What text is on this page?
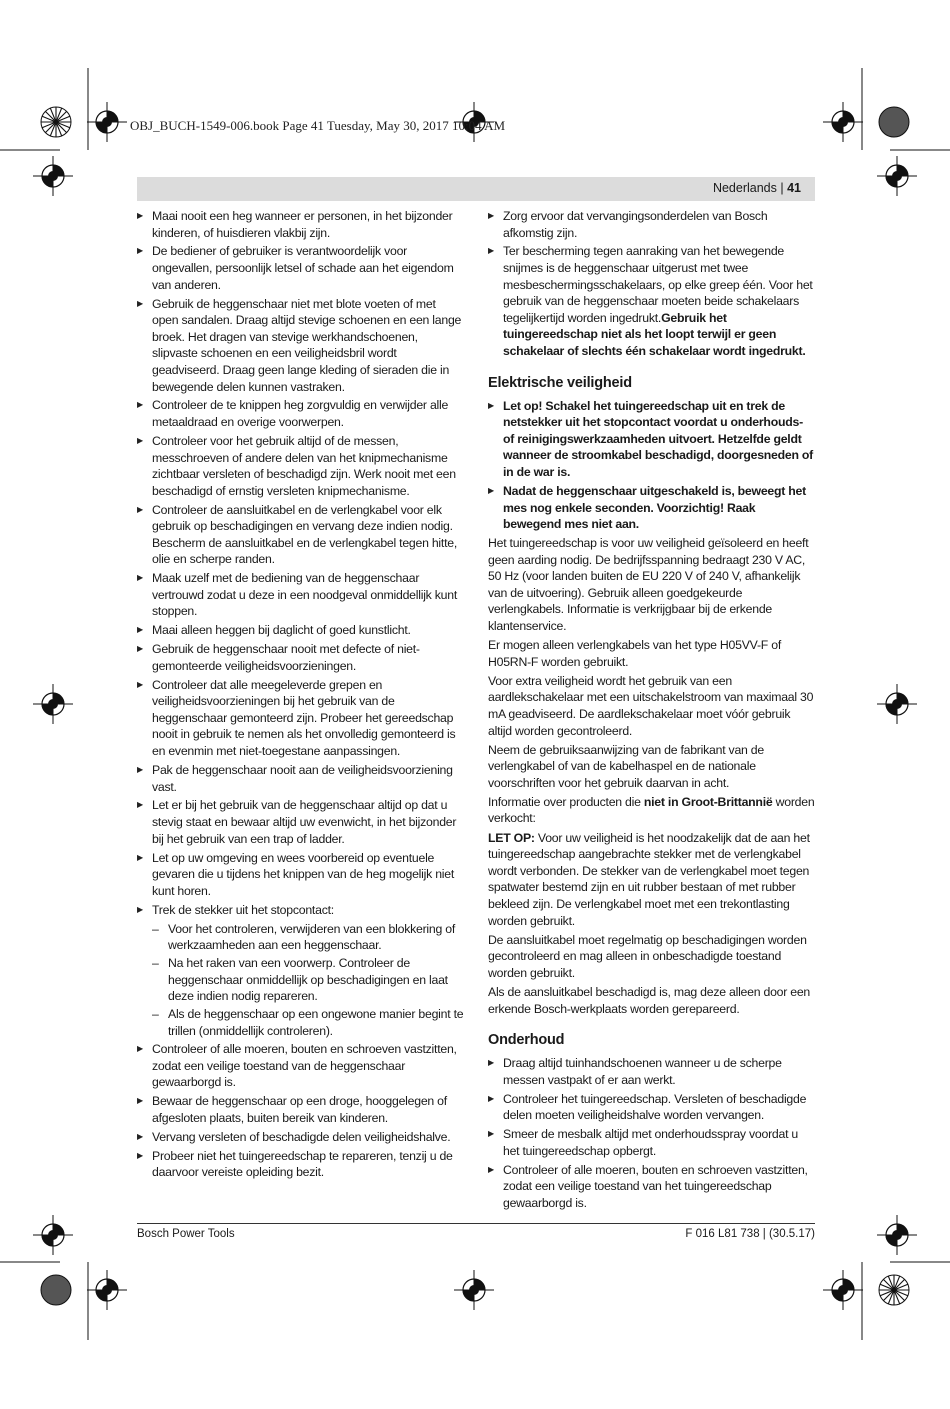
OBJ_BUCH-1549-006.book Page 41 Tuesday, May 30, 2017 10:04 AM
Nederlands | 41
▶ Maai nooit een heg wanneer er personen, in het bijzonder kinderen, of huisdieren vlakbij zijn.
▶ De bediener of gebruiker is verantwoordelijk voor ongevallen, persoonlijk letsel of schade aan het eigendom van anderen.
▶ Gebruik de heggenschaar niet met blote voeten of met open sandalen. Draag altijd stevige schoenen en een lange broek. Het dragen van stevige werkhandschoenen, slipvaste schoenen en een veiligheidsbril wordt geadviseerd. Draag geen lange kleding of sieraden die in bewegende delen kunnen vastraken.
▶ Controleer de te knippen heg zorgvuldig en verwijder alle metaaldraad en overige voorwerpen.
▶ Controleer voor het gebruik altijd of de messen, messchroeven of andere delen van het knipmechanisme zichtbaar versleten of beschadigd zijn. Werk nooit met een beschadigd of ernstig versleten knipmechanisme.
▶ Controleer de aansluitkabel en de verlengkabel voor elk gebruik op beschadigingen en vervang deze indien nodig. Bescherm de aansluitkabel en de verlengkabel tegen hitte, olie en scherpe randen.
▶ Maak uzelf met de bediening van de heggenschaar vertrouwd zodat u deze in een noodgeval onmiddellijk kunt stoppen.
▶ Maai alleen heggen bij daglicht of goed kunstlicht.
▶ Gebruik de heggenschaar nooit met defecte of niet-gemonteerde veiligheidsvoorzieningen.
▶ Controleer dat alle meegeleverde grepen en veiligheidsvoorzieningen bij het gebruik van de heggenschaar gemonteerd zijn. Probeer het gereedschap nooit in gebruik te nemen als het onvolledig gemonteerd is en evenmin met niet-toegestane aanpassingen.
▶ Pak de heggenschaar nooit aan de veiligheidsvoorziening vast.
▶ Let er bij het gebruik van de heggenschaar altijd op dat u stevig staat en bewaar altijd uw evenwicht, in het bijzonder bij het gebruik van een trap of ladder.
▶ Let op uw omgeving en wees voorbereid op eventuele gevaren die u tijdens het knippen van de heg mogelijk niet kunt horen.
▶ Trek de stekker uit het stopcontact:
– Voor het controleren, verwijderen van een blokkering of werkzaamheden aan een heggenschaar.
– Na het raken van een voorwerp. Controleer de heggenschaar onmiddellijk op beschadigingen en laat deze indien nodig repareren.
– Als de heggenschaar op een ongewone manier begint te trillen (onmiddellijk controleren).
▶ Controleer of alle moeren, bouten en schroeven vastzitten, zodat een veilige toestand van de heggenschaar gewaarborgd is.
▶ Bewaar de heggenschaar op een droge, hooggelegen of afgesloten plaats, buiten bereik van kinderen.
▶ Vervang versleten of beschadigde delen veiligheidshalve.
▶ Probeer niet het tuingereedschap te repareren, tenzij u de daarvoor vereiste opleiding bezit.
▶ Zorg ervoor dat vervangingsonderdelen van Bosch afkomstig zijn.
▶ Ter bescherming tegen aanraking van het bewegende snijmes is de heggenschaar uitgerust met twee mesbeschermingsschakelaars, op elke greep één. Voor het gebruik van de heggenschaar moeten beide schakelaars tegelijkertijd worden ingedrukt.Gebruik het tuingereedschap niet als het loopt terwijl er geen schakelaar of slechts één schakelaar wordt ingedrukt.
Elektrische veiligheid
▶ Let op! Schakel het tuingereedschap uit en trek de netstekker uit het stopcontact voordat u onderhouds- of reinigingswerkzaamheden uitvoert. Hetzelfde geldt wanneer de stroomkabel beschadigd, doorgesneden of in de war is.
▶ Nadat de heggenschaar uitgeschakeld is, beweegt het mes nog enkele seconden. Voorzichtig! Raak bewegend mes niet aan.
Het tuingereedschap is voor uw veiligheid geïsoleerd en heeft geen aarding nodig. De bedrijfsspanning bedraagt 230 V AC, 50 Hz (voor landen buiten de EU 220 V of 240 V, afhankelijk van de uitvoering). Gebruik alleen goedgekeurde verlengkabels. Informatie is verkrijgbaar bij de erkende klantenservice.
Er mogen alleen verlengkabels van het type H05VV-F of H05RN-F worden gebruikt.
Voor extra veiligheid wordt het gebruik van een aardlekschakelaar met een uitschakelstroom van maximaal 30 mA geadviseerd. De aardlekschakelaar moet vóór gebruik altijd worden gecontroleerd.
Neem de gebruiksaanwijzing van de fabrikant van de verlengkabel of van de kabelhaspel en de nationale voorschriften voor het gebruik daarvan in acht.
Informatie over producten die niet in Groot-Brittannië worden verkocht:
LET OP: Voor uw veiligheid is het noodzakelijk dat de aan het tuingereedschap aangebrachte stekker met de verlengkabel wordt verbonden. De stekker van de verlengkabel moet tegen spatwater bestemd zijn en uit rubber bestaan of met rubber bekleed zijn. De verlengkabel moet met een trekontlasting worden gebruikt.
De aansluitkabel moet regelmatig op beschadigingen worden gecontroleerd en mag alleen in onbeschadigde toestand worden gebruikt.
Als de aansluitkabel beschadigd is, mag deze alleen door een erkende Bosch-werkplaats worden gerepareerd.
Onderhoud
▶ Draag altijd tuinhandschoenen wanneer u de scherpe messen vastpakt of er aan werkt.
▶ Controleer het tuingereedschap. Versleten of beschadigde delen moeten veiligheidshalve worden vervangen.
▶ Smeer de mesbalk altijd met onderhoudsspray voordat u het tuingereedschap opbergt.
▶ Controleer of alle moeren, bouten en schroeven vastzitten, zodat een veilige toestand van het tuingereedschap gewaarborgd is.
Bosch Power Tools	F 016 L81 738 | (30.5.17)
